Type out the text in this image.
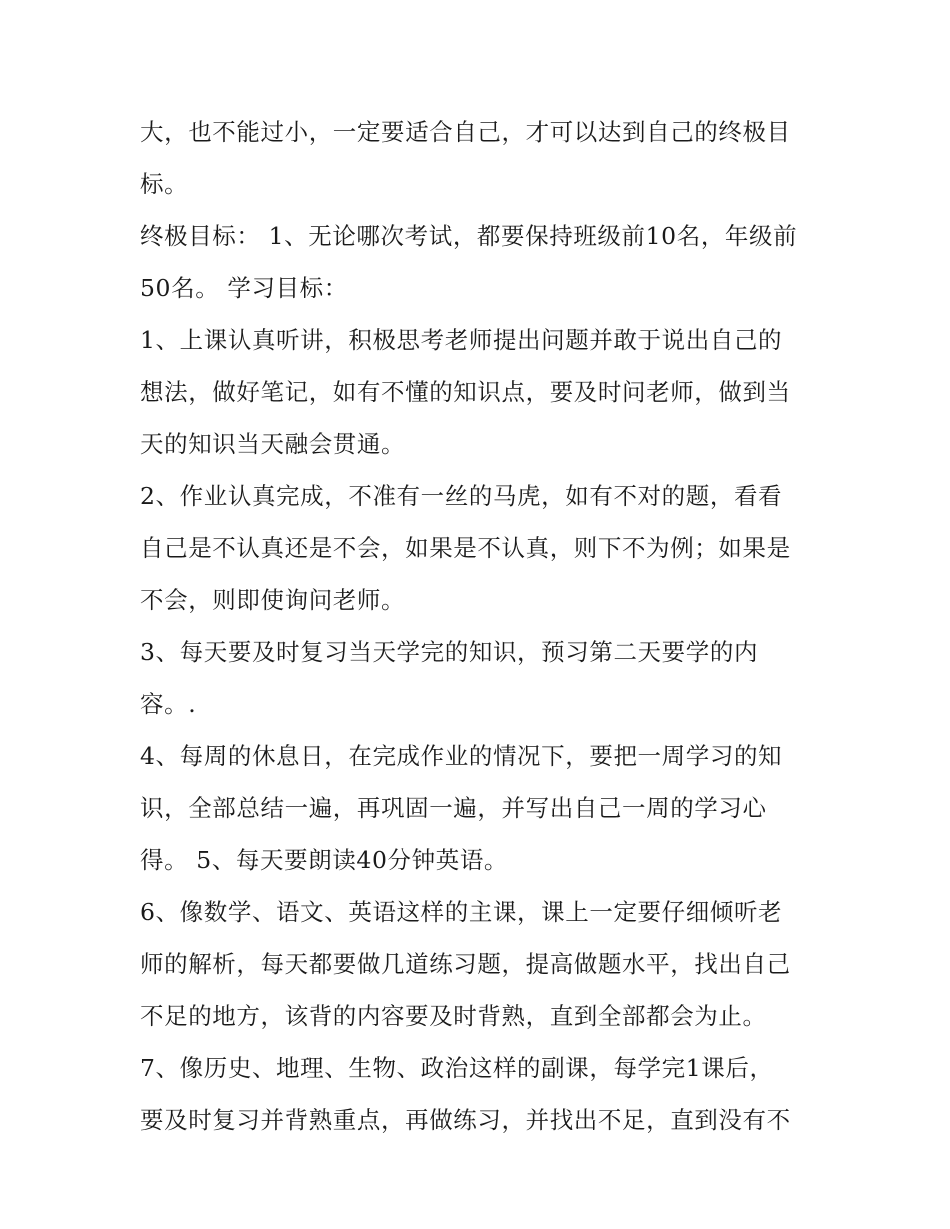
大，也不能过小，一定要适合自己，才可以达到自己的终极目
标。
终极目标： 1、无论哪次考试，都要保持班级前10名，年级前
50名。 学习目标：
1、上课认真听讲，积极思考老师提出问题并敢于说出自己的
想法，做好笔记，如有不懂的知识点，要及时问老师，做到当
天的知识当天融会贯通。
2、作业认真完成，不准有一丝的马虎，如有不对的题，看看
自己是不认真还是不会，如果是不认真，则下不为例；如果是
不会，则即使询问老师。
3、每天要及时复习当天学完的知识，预习第二天要学的内
容。.
4、每周的休息日，在完成作业的情况下，要把一周学习的知
识，全部总结一遍，再巩固一遍，并写出自己一周的学习心
得。 5、每天要朗读40分钟英语。
6、像数学、语文、英语这样的主课，课上一定要仔细倾听老
师的解析，每天都要做几道练习题，提高做题水平，找出自己
不足的地方，该背的内容要及时背熟，直到全部都会为止。
7、像历史、地理、生物、政治这样的副课，每学完1课后，
要及时复习并背熟重点，再做练习，并找出不足，直到没有不
